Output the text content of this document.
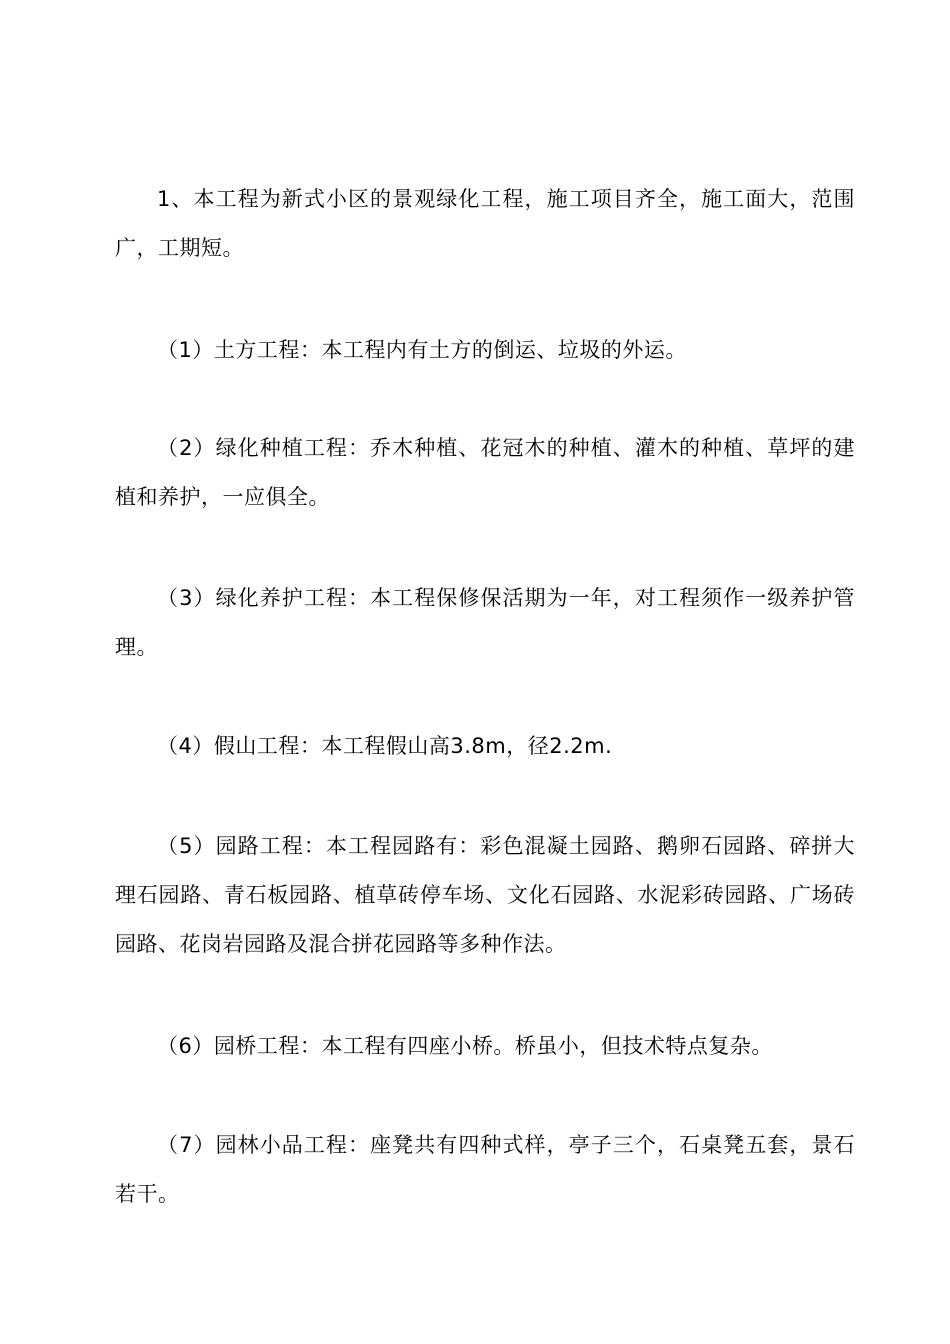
1、本工程为新式小区的景观绿化工程，施工项目齐全，施工面大，范围广，工期短。

（1）土方工程：本工程内有土方的倒运、垃圾的外运。

（2）绿化种植工程：乔木种植、花冠木的种植、灌木的种植、草坪的建植和养护，一应俱全。

（3）绿化养护工程：本工程保修保活期为一年，对工程须作一级养护管理。

（4）假山工程：本工程假山高3.8m，径2.2m.

（5）园路工程：本工程园路有：彩色混凝土园路、鹅卵石园路、碎拼大理石园路、青石板园路、植草砖停车场、文化石园路、水泥彩砖园路、广场砖园路、花岗岩园路及混合拼花园路等多种作法。

（6）园桥工程：本工程有四座小桥。桥虽小，但技术特点复杂。

（7）园林小品工程：座凳共有四种式样，亭子三个，石桌凳五套，景石若干。
